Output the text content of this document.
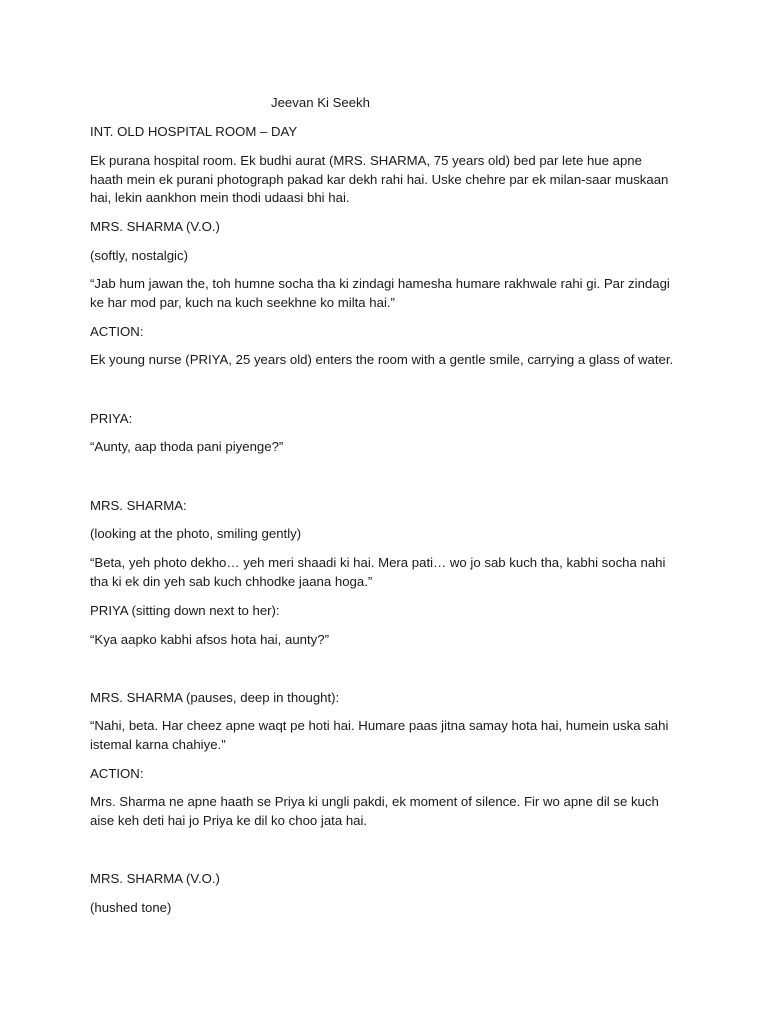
Jeevan Ki Seekh

INT. OLD HOSPITAL ROOM – DAY

Ek purana hospital room. Ek budhi aurat (MRS. SHARMA, 75 years old) bed par lete hue apne haath mein ek purani photograph pakad kar dekh rahi hai. Uske chehre par ek milan-saar muskaan hai, lekin aankhon mein thodi udaasi bhi hai.

MRS. SHARMA (V.O.)

(softly, nostalgic)

“Jab hum jawan the, toh humne socha tha ki zindagi hamesha humare rakhwale rahi gi. Par zindagi ke har mod par, kuch na kuch seekhne ko milta hai.”

ACTION:

Ek young nurse (PRIYA, 25 years old) enters the room with a gentle smile, carrying a glass of water.

PRIYA:

“Aunty, aap thoda pani piyenge?”

MRS. SHARMA:

(looking at the photo, smiling gently)

“Beta, yeh photo dekho… yeh meri shaadi ki hai. Mera pati… wo jo sab kuch tha, kabhi socha nahi tha ki ek din yeh sab kuch chhodke jaana hoga.”

PRIYA (sitting down next to her):

“Kya aapko kabhi afsos hota hai, aunty?”

MRS. SHARMA (pauses, deep in thought):

“Nahi, beta. Har cheez apne waqt pe hoti hai. Humare paas jitna samay hota hai, humein uska sahi istemal karna chahiye.”

ACTION:

Mrs. Sharma ne apne haath se Priya ki ungli pakdi, ek moment of silence. Fir wo apne dil se kuch aise keh deti hai jo Priya ke dil ko choo jata hai.

MRS. SHARMA (V.O.)

(hushed tone)
